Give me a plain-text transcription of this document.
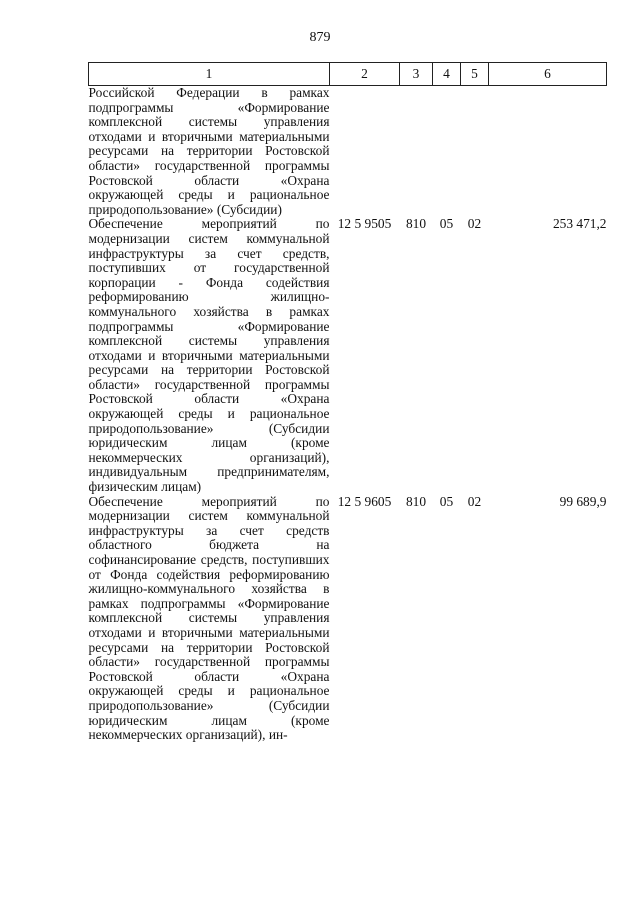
879
1	2	3	4	5	6
Российской Федерации в рамках подпрограммы «Формирование комплексной системы управления отходами и вторичными материальными ресурсами на территории Ростовской области» государственной программы Ростовской области «Охрана окружающей среды и рациональное природопользование» (Субсидии)					
Обеспечение мероприятий по модернизации систем коммунальной инфраструктуры за счет средств, поступивших от государственной корпорации - Фонда содействия реформированию жилищно-коммунального хозяйства в рамках подпрограммы «Формирование комплексной системы управления отходами и вторичными материальными ресурсами на территории Ростовской области» государственной программы Ростовской области «Охрана окружающей среды и рациональное природопользование» (Субсидии юридическим лицам (кроме некоммерческих организаций), индивидуальным предпринимателям, физическим лицам)	12 5 9505	810	05	02	253 471,2
Обеспечение мероприятий по модернизации систем коммунальной инфраструктуры за счет средств областного бюджета на софинансирование средств, поступивших от Фонда содействия реформированию жилищно-коммунального хозяйства в рамках подпрограммы «Формирование комплексной системы управления отходами и вторичными материальными ресурсами на территории Ростовской области» государственной программы Ростовской области «Охрана окружающей среды и рациональное природопользование» (Субсидии юридическим лицам (кроме некоммерческих организаций), ин-	12 5 9605	810	05	02	99 689,9
